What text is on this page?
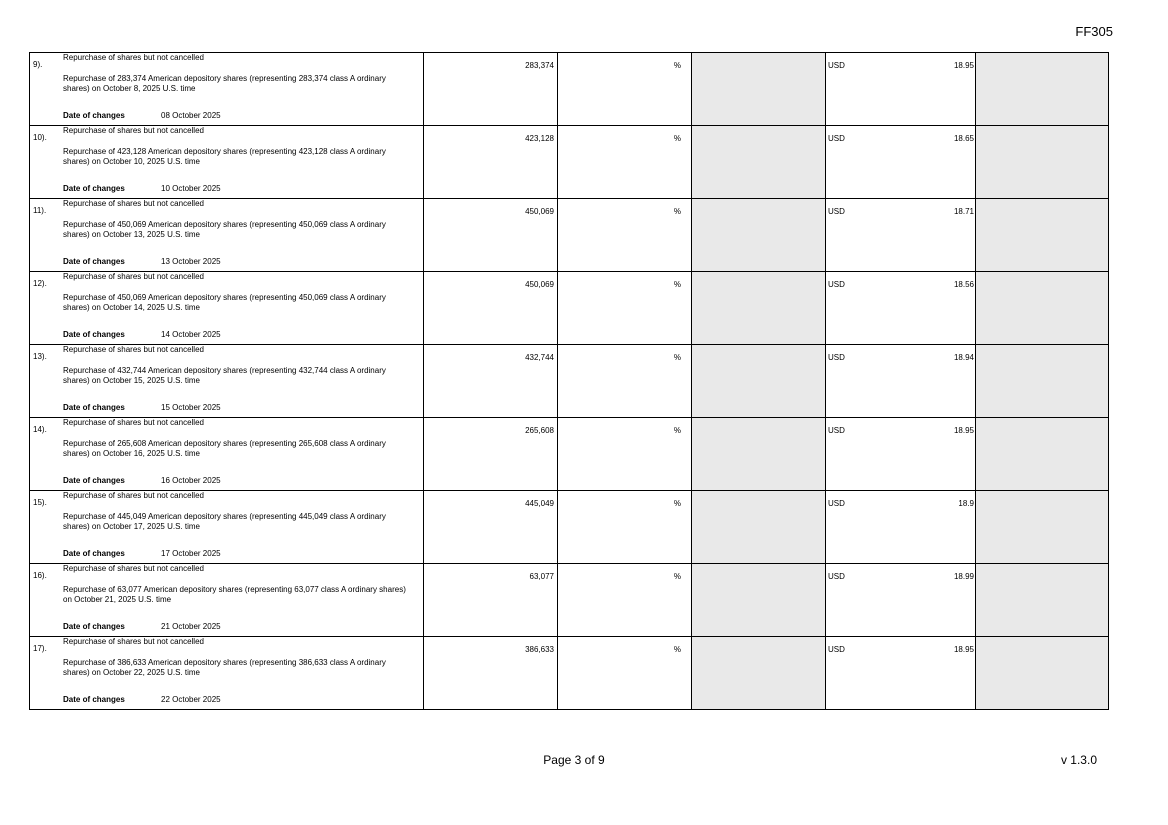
FF305
9).
Repurchase of shares but not cancelled
Repurchase of 283,374 American depository shares (representing 283,374 class A ordinary shares) on October 8, 2025 U.S. time
Date of changes 08 October 2025	283,374	%		USD 18.95	

10).
Repurchase of shares but not cancelled
Repurchase of 423,128 American depository shares (representing 423,128 class A ordinary shares) on October 10, 2025 U.S. time
Date of changes 10 October 2025	423,128	%		USD 18.65	

11).
Repurchase of shares but not cancelled
Repurchase of 450,069 American depository shares (representing 450,069 class A ordinary shares) on October 13, 2025 U.S. time
Date of changes 13 October 2025	450,069	%		USD 18.71	

12).
Repurchase of shares but not cancelled
Repurchase of 450,069 American depository shares (representing 450,069 class A ordinary shares) on October 14, 2025 U.S. time
Date of changes 14 October 2025	450,069	%		USD 18.56	

13).
Repurchase of shares but not cancelled
Repurchase of 432,744 American depository shares (representing 432,744 class A ordinary shares) on October 15, 2025 U.S. time
Date of changes 15 October 2025	432,744	%		USD 18.94	

14).
Repurchase of shares but not cancelled
Repurchase of 265,608 American depository shares (representing 265,608 class A ordinary shares) on October 16, 2025 U.S. time
Date of changes 16 October 2025	265,608	%		USD 18.95	

15).
Repurchase of shares but not cancelled
Repurchase of 445,049 American depository shares (representing 445,049 class A ordinary shares) on October 17, 2025 U.S. time
Date of changes 17 October 2025	445,049	%		USD 18.9	

16).
Repurchase of shares but not cancelled
Repurchase of 63,077 American depository shares (representing 63,077 class A ordinary shares) on October 21, 2025 U.S. time
Date of changes 21 October 2025	63,077	%		USD 18.99	

17).
Repurchase of shares but not cancelled
Repurchase of 386,633 American depository shares (representing 386,633 class A ordinary shares) on October 22, 2025 U.S. time
Date of changes 22 October 2025	386,633	%		USD 18.95	

Page 3 of 9	v 1.3.0
